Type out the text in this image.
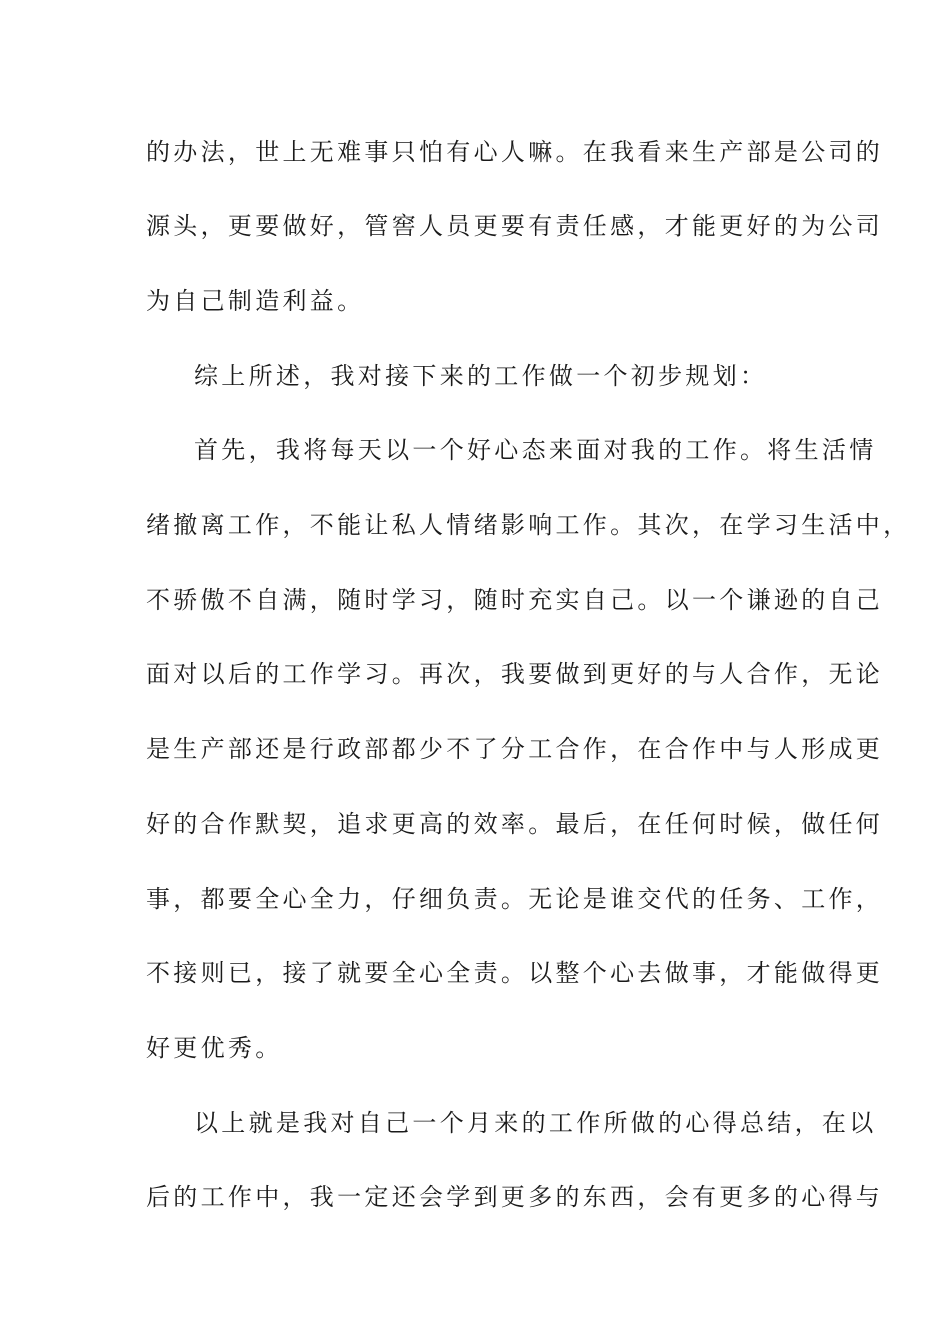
的办法，世上无难事只怕有心人嘛。在我看来生产部是公司的
源头，更要做好，管窖人员更要有责任感，才能更好的为公司
为自己制造利益。
综上所述，我对接下来的工作做一个初步规划：
首先，我将每天以一个好心态来面对我的工作。将生活情
绪撤离工作，不能让私人情绪影响工作。其次，在学习生活中，
不骄傲不自满，随时学习，随时充实自己。以一个谦逊的自己
面对以后的工作学习。再次，我要做到更好的与人合作，无论
是生产部还是行政部都少不了分工合作，在合作中与人形成更
好的合作默契，追求更高的效率。最后，在任何时候，做任何
事，都要全心全力，仔细负责。无论是谁交代的任务、工作，
不接则已，接了就要全心全责。以整个心去做事，才能做得更
好更优秀。
以上就是我对自己一个月来的工作所做的心得总结，在以
后的工作中，我一定还会学到更多的东西，会有更多的心得与
